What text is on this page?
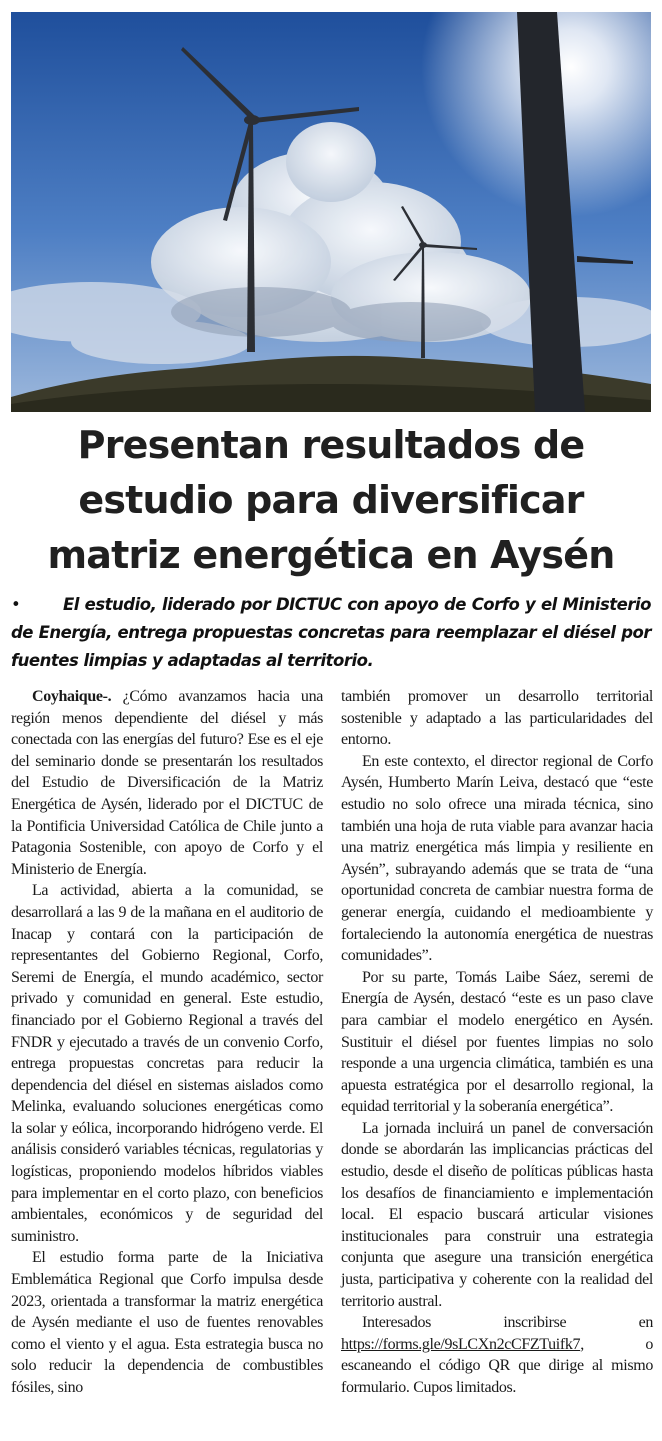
Presentan resultados de estudio para diversificar matriz energética en Aysén

•	El estudio, liderado por DICTUC con apoyo de Corfo y el Ministerio de Energía, entrega propuestas concretas para reemplazar el diésel por fuentes limpias y adaptadas al territorio.

Coyhaique-. ¿Cómo avanzamos hacia una región menos dependiente del diésel y más conectada con las energías del futuro? Ese es el eje del seminario donde se presentarán los resultados del Estudio de Diversificación de la Matriz Energética de Aysén, liderado por el DICTUC de la Pontificia Universidad Católica de Chile junto a Patagonia Sostenible, con apoyo de Corfo y el Ministerio de Energía.

La actividad, abierta a la comunidad, se desarrollará a las 9 de la mañana en el auditorio de Inacap y contará con la participación de representantes del Gobierno Regional, Corfo, Seremi de Energía, el mundo académico, sector privado y comunidad en general. Este estudio, financiado por el Gobierno Regional a través del FNDR y ejecutado a través de un convenio Corfo, entrega propuestas concretas para reducir la dependencia del diésel en sistemas aislados como Melinka, evaluando soluciones energéticas como la solar y eólica, incorporando hidrógeno verde. El análisis consideró variables técnicas, regulatorias y logísticas, proponiendo modelos híbridos viables para implementar en el corto plazo, con beneficios ambientales, económicos y de seguridad del suministro.

El estudio forma parte de la Iniciativa Emblemática Regional que Corfo impulsa desde 2023, orientada a transformar la matriz energética de Aysén mediante el uso de fuentes renovables como el viento y el agua. Esta estrategia busca no solo reducir la dependencia de combustibles fósiles, sino

también promover un desarrollo territorial sostenible y adaptado a las particularidades del entorno.

En este contexto, el director regional de Corfo Aysén, Humberto Marín Leiva, destacó que “este estudio no solo ofrece una mirada técnica, sino también una hoja de ruta viable para avanzar hacia una matriz energética más limpia y resiliente en Aysén”, subrayando además que se trata de “una oportunidad concreta de cambiar nuestra forma de generar energía, cuidando el medioambiente y fortaleciendo la autonomía energética de nuestras comunidades”.

Por su parte, Tomás Laibe Sáez, seremi de Energía de Aysén, destacó “este es un paso clave para cambiar el modelo energético en Aysén. Sustituir el diésel por fuentes limpias no solo responde a una urgencia climática, también es una apuesta estratégica por el desarrollo regional, la equidad territorial y la soberanía energética”.

La jornada incluirá un panel de conversación donde se abordarán las implicancias prácticas del estudio, desde el diseño de políticas públicas hasta los desafíos de financiamiento e implementación local. El espacio buscará articular visiones institucionales para construir una estrategia conjunta que asegure una transición energética justa, participativa y coherente con la realidad del territorio austral.

Interesados inscribirse en https://forms.gle/9sLCXn2cCFZTuifk7, o escaneando el código QR que dirige al mismo formulario. Cupos limitados.
